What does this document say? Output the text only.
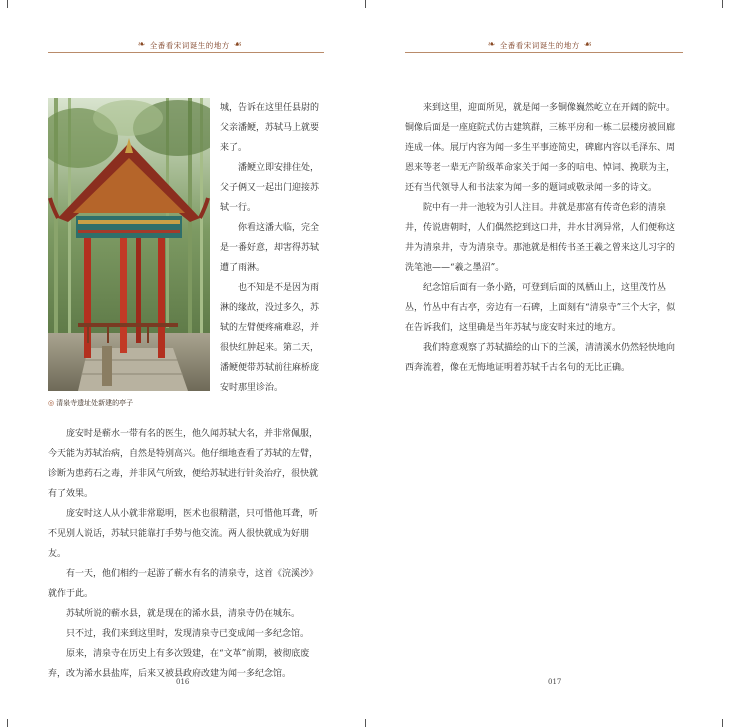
❧ 全番看宋词诞生的地方 ☙
◎ 清泉寺遗址处新建的亭子

城，告诉在这里任县尉的父亲潘鲠，苏轼马上就要来了。

潘鲠立即安排住处，父子俩又一起出门迎接苏轼一行。

你看这潘大临，完全是一番好意，却害得苏轼遭了雨淋。

也不知是不是因为雨淋的缘故，没过多久，苏轼的左臂便疼痛难忍，并很快红肿起来。第二天，潘鲠便带苏轼前往麻桥庞安时那里诊治。

庞安时是蕲水一带有名的医生，他久闻苏轼大名，并非常佩服，今天能为苏轼治病，自然是特别高兴。他仔细地查看了苏轼的左臂，诊断为患药石之毒，并非风气所致，便给苏轼进行针灸治疗，很快就有了效果。

庞安时这人从小就非常聪明，医术也很精湛，只可惜他耳聋，听不见别人说话，苏轼只能靠打手势与他交流。两人很快就成为好朋友。

有一天，他们相约一起游了蕲水有名的清泉寺，这首《浣溪沙》就作于此。

苏轼所说的蕲水县，就是现在的浠水县，清泉寺仍在城东。

只不过，我们来到这里时，发现清泉寺已变成闻一多纪念馆。

原来，清泉寺在历史上有多次毁建，在“文革”前期，被彻底废弃，改为浠水县盐库，后来又被县政府改建为闻一多纪念馆。

016
❧ 全番看宋词诞生的地方 ☙

来到这里，迎面所见，就是闻一多铜像巍然屹立在开阔的院中。铜像后面是一座庭院式仿古建筑群，三栋平房和一栋二层楼房被回廊连成一体。展厅内容为闻一多生平事迹简史，碑廊内容以毛泽东、周恩来等老一辈无产阶级革命家关于闻一多的唁电、悼词、挽联为主，还有当代领导人和书法家为闻一多的题词或敬录闻一多的诗文。

院中有一井一池较为引人注目。井就是那富有传奇色彩的清泉井，传说唐朝时，人们偶然挖到这口井，井水甘冽异常，人们便称这井为清泉井，寺为清泉寺。那池就是相传书圣王羲之曾来这儿习字的洗笔池——“羲之墨沼”。

纪念馆后面有一条小路，可登到后面的凤栖山上，这里茂竹丛丛，竹丛中有古亭，旁边有一石碑，上面刻有“清泉寺”三个大字，似在告诉我们，这里确是当年苏轼与庞安时来过的地方。

我们特意观察了苏轼描绘的山下的兰溪，清清溪水仍然轻快地向西奔流着，像在无悔地证明着苏轼千古名句的无比正确。

017
